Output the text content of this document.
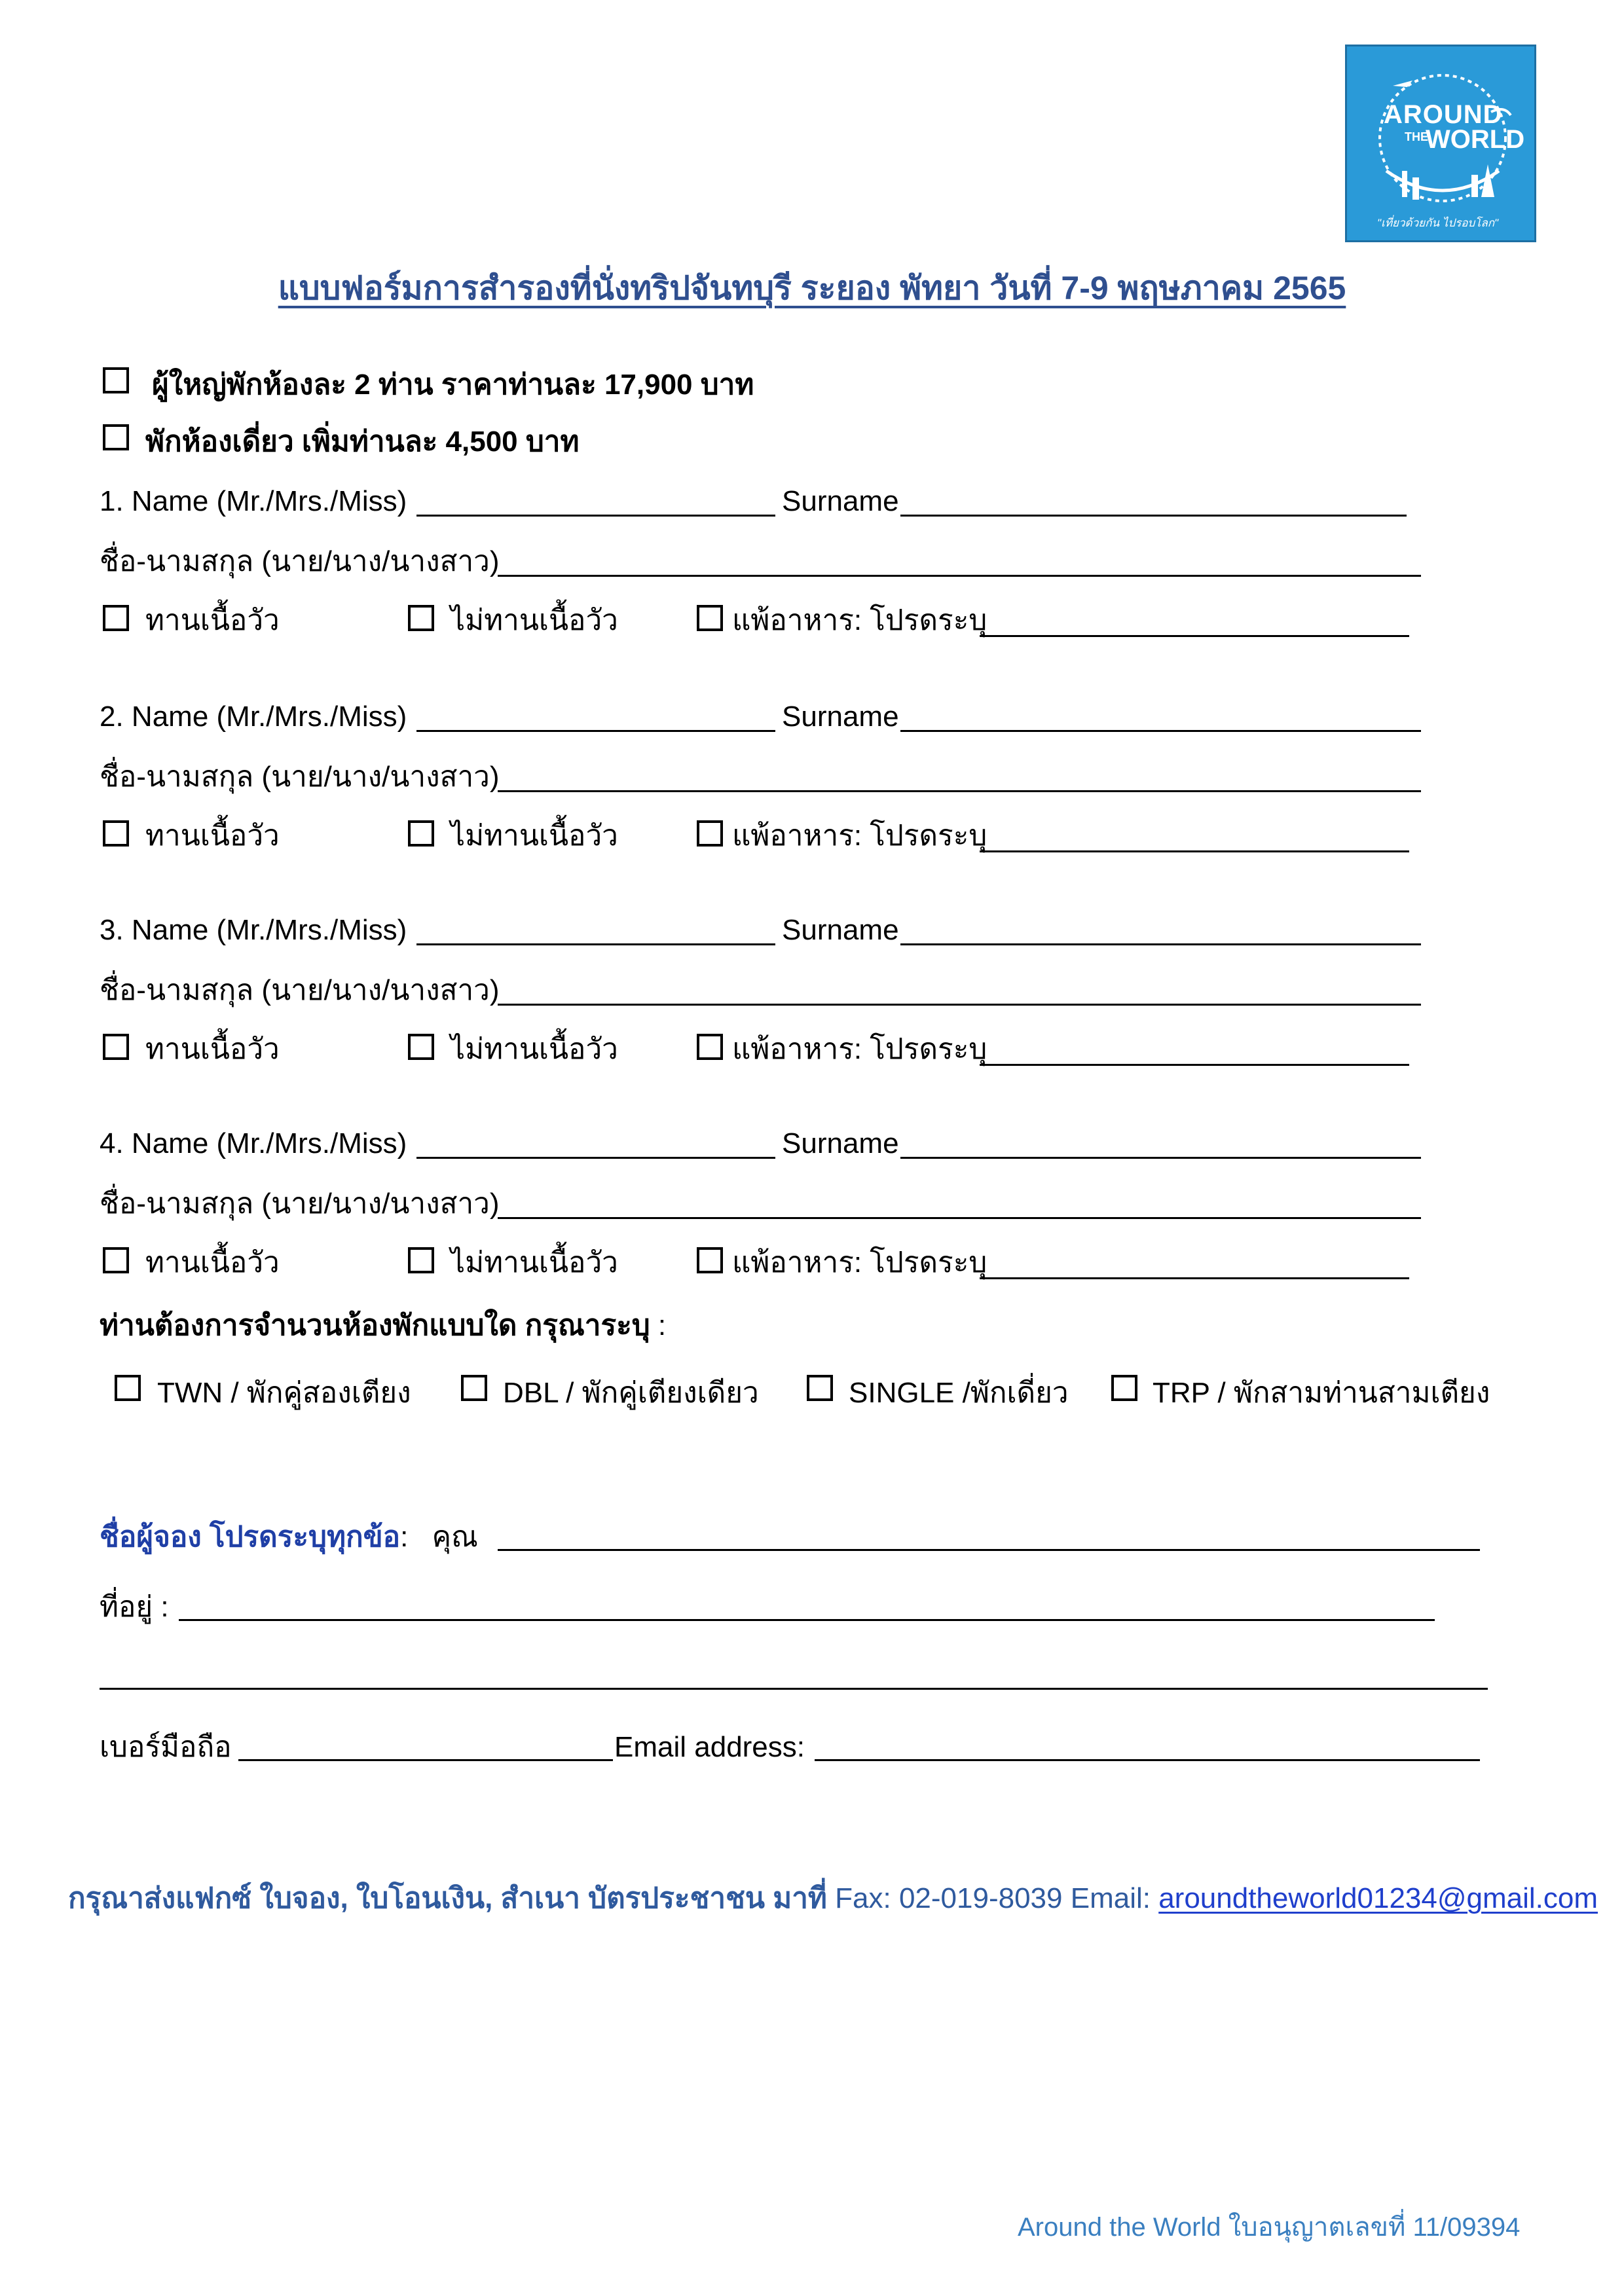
AROUND
THE
WORLD
"เที่ยวด้วยกัน ไปรอบโลก"
แบบฟอร์มการสำรองที่นั่งทริปจันทบุรี ระยอง พัทยา วันที่ 7-9 พฤษภาคม 2565
ผู้ใหญ่พักห้องละ 2 ท่าน ราคาท่านละ 17,900 บาท
พักห้องเดี่ยว เพิ่มท่านละ 4,500 บาท
1. Name (Mr./Mrs./Miss)	Surname
ชื่อ-นามสกุล (นาย/นาง/นางสาว)
ทานเนื้อวัว	ไม่ทานเนื้อวัว	แพ้อาหาร: โปรดระบุ
2. Name (Mr./Mrs./Miss)	Surname
ชื่อ-นามสกุล (นาย/นาง/นางสาว)
ทานเนื้อวัว	ไม่ทานเนื้อวัว	แพ้อาหาร: โปรดระบุ
3. Name (Mr./Mrs./Miss)	Surname
ชื่อ-นามสกุล (นาย/นาง/นางสาว)
ทานเนื้อวัว	ไม่ทานเนื้อวัว	แพ้อาหาร: โปรดระบุ
4. Name (Mr./Mrs./Miss)	Surname
ชื่อ-นามสกุล (นาย/นาง/นางสาว)
ทานเนื้อวัว	ไม่ทานเนื้อวัว	แพ้อาหาร: โปรดระบุ
ท่านต้องการจำนวนห้องพักแบบใด กรุณาระบุ :
TWN / พักคู่สองเตียง	DBL / พักคู่เตียงเดียว	SINGLE /พักเดี่ยว	TRP / พักสามท่านสามเตียง
ชื่อผู้จอง โปรดระบุทุกข้อ: คุณ
ที่อยู่ :
เบอร์มือถือ	Email address:
กรุณาส่งแฟกซ์ ใบจอง, ใบโอนเงิน, สำเนา บัตรประชาชน มาที่ Fax: 02-019-8039 Email: aroundtheworld01234@gmail.com
Around the World ใบอนุญาตเลขที่ 11/09394
